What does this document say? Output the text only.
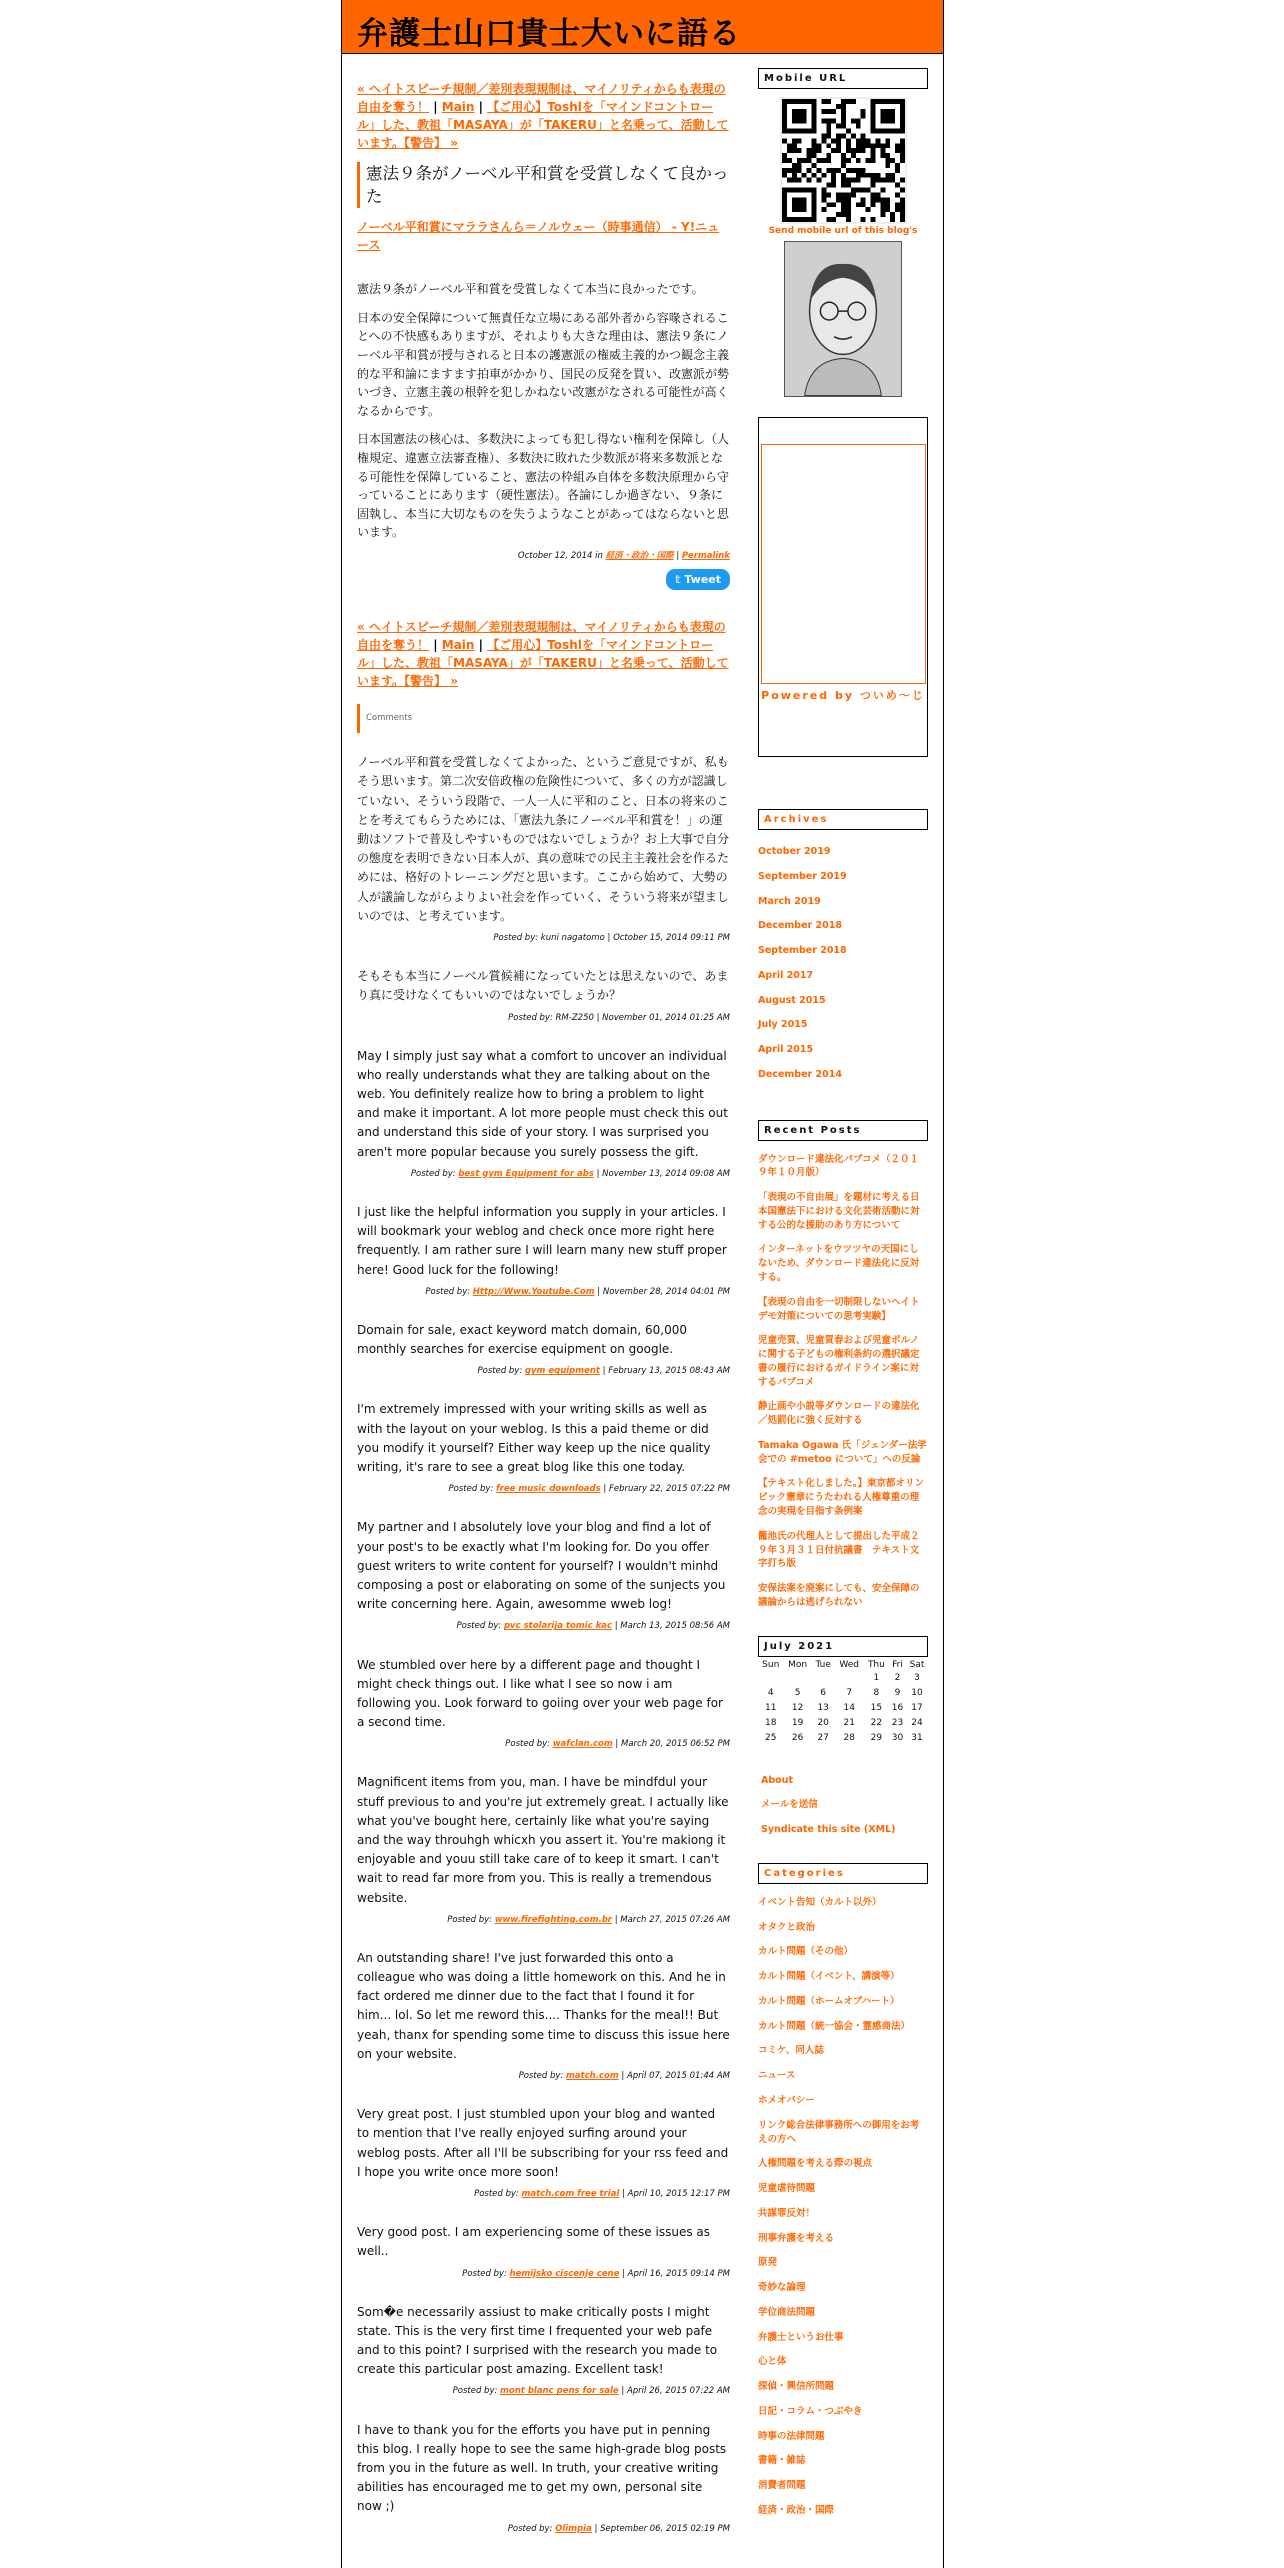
弁護士山口貴士大いに語る
« ヘイトスピーチ規制／差別表現規制は、マイノリティからも表現の自由を奪う！ | Main | 【ご用心】Toshlを「マインドコントロール」した、教祖「MASAYA」が「TAKERU」と名乗って、活動しています。【警告】 »
憲法９条がノーベル平和賞を受賞しなくて良かった
ノーベル平和賞にマララさんら＝ノルウェー（時事通信） - Y!ニュース

憲法９条がノーベル平和賞を受賞しなくて本当に良かったです。

日本の安全保障について無責任な立場にある部外者から容喙されることへの不快感もありますが、それよりも大きな理由は、憲法９条にノーベル平和賞が授与されると日本の護憲派の権威主義的かつ観念主義的な平和論にますます拍車がかかり、国民の反発を買い、改憲派が勢いづき、立憲主義の根幹を犯しかねない改憲がなされる可能性が高くなるからです。

日本国憲法の核心は、多数決によっても犯し得ない権利を保障し（人権規定、違憲立法審査権）、多数決に敗れた少数派が将来多数派となる可能性を保障していること、憲法の枠組み自体を多数決原理から守っていることにあります（硬性憲法）。各論にしか過ぎない、９条に固執し、本当に大切なものを失うようなことがあってはならないと思います。

October 12, 2014 in 経済・政治・国際 | Permalink

𝕥 Tweet
« ヘイトスピーチ規制／差別表現規制は、マイノリティからも表現の自由を奪う！ | Main | 【ご用心】Toshlを「マインドコントロール」した、教祖「MASAYA」が「TAKERU」と名乗って、活動しています。【警告】 »
Comments

ノーベル平和賞を受賞しなくてよかった、というご意見ですが、私もそう思います。第二次安倍政権の危険性について、多くの方が認識していない、そういう段階で、一人一人に平和のこと、日本の将来のことを考えてもらうためには、「憲法九条にノーベル平和賞を！」の運動はソフトで普及しやすいものではないでしょうか？お上大事で自分の態度を表明できない日本人が、真の意味での民主主義社会を作るためには、格好のトレーニングだと思います。ここから始めて、大勢の人が議論しながらよりよい社会を作っていく、そういう将来が望ましいのでは、と考えています。

Posted by: kuni nagatomo | October 15, 2014 09:11 PM

そもそも本当にノーベル賞候補になっていたとは思えないので、あまり真に受けなくてもいいのではないでしょうか？

Posted by: RM-Z250 | November 01, 2014 01:25 AM

May I simply just say what a comfort to uncover an individual who really understands what they are talking about on the web. You definitely realize how to bring a problem to light and make it important. A lot more people must check this out and understand this side of your story. I was surprised you aren't more popular because you surely possess the gift.

Posted by: best gym Equipment for abs | November 13, 2014 09:08 AM

I just like the helpful information you supply in your articles. I will bookmark your weblog and check once more right here frequently. I am rather sure I will learn many new stuff proper here! Good luck for the following!

Posted by: Http://Www.Youtube.Com | November 28, 2014 04:01 PM

Domain for sale, exact keyword match domain, 60,000 monthly searches for exercise equipment on google.

Posted by: gym equipment | February 13, 2015 08:43 AM

I'm extremely impressed with your writing skills as well as with the layout on your weblog. Is this a paid theme or did you modify it yourself? Either way keep up the nice quality writing, it's rare to see a great blog like this one today.

Posted by: free music downloads | February 22, 2015 07:22 PM

My partner and I absolutely love your blog and find a lot of your post's to be exactly what I'm looking for. Do you offer guest writers to write content for yourself? I wouldn't minhd composing a post or elaborating on some of the sunjects you write concerning here. Again, awesomme wweb log!

Posted by: pvc stolarija tomic kac | March 13, 2015 08:56 AM

We stumbled over here by a different page and thought I might check things out. I like what I see so now i am following you. Look forward to goiing over your web page for a second time.

Posted by: wafclan.com | March 20, 2015 06:52 PM

Magnificent items from you, man. I have be mindfdul your stuff previous to and you're jut extremely great. I actually like what you've bought here, certainly like what you're saying and the way throuhgh whicxh you assert it. You're makiong it enjoyable and youu still take care of to keep it smart. I can't wait to read far more from you. This is really a tremendous website.

Posted by: www.firefighting.com.br | March 27, 2015 07:26 AM

An outstanding share! I've just forwarded this onto a colleague who was doing a little homework on this. And he in fact ordered me dinner due to the fact that I found it for him... lol. So let me reword this.... Thanks for the meal!! But yeah, thanx for spending some time to discuss this issue here on your website.

Posted by: match.com | April 07, 2015 01:44 AM

Very great post. I just stumbled upon your blog and wanted to mention that I've really enjoyed surfing around your weblog posts. After all I'll be subscribing for your rss feed and I hope you write once more soon!

Posted by: match.com free trial | April 10, 2015 12:17 PM

Very good post. I am experiencing some of these issues as well..

Posted by: hemijsko ciscenje cene | April 16, 2015 09:14 PM

Som�e necessarily assiust to make critically posts I might state. This is the very first time I frequented your web pafe and to this point? I surprised with the research you made to create this particular post amazing. Excellent task!

Posted by: mont blanc pens for sale | April 26, 2015 07:22 AM

I have to thank you for the efforts you have put in penning this blog. I really hope to see the same high-grade blog posts from you in the future as well. In truth, your creative writing abilities has encouraged me to get my own, personal site now ;)

Posted by: Olimpia | September 06, 2015 02:19 PM
Mobile URL
Send mobile url of this blog's
Powered by ついめ～じ
Archives
October 2019
September 2019
March 2019
December 2018
September 2018
April 2017
August 2015
July 2015
April 2015
December 2014
Recent Posts
ダウンロード違法化パブコメ（２０１９年１０月版）
「表現の不自由展」を題材に考える日本国憲法下における文化芸術活動に対する公的な援助のあり方について
インターネットをウツツヤの天国にしないため、ダウンロード違法化に反対する。
【表現の自由を一切制限しないヘイトデモ対策についての思考実験】
児童売買、児童買春および児童ポルノに関する子どもの権利条約の選択議定書の履行におけるガイドライン案に対するパブコメ
静止画や小説等ダウンロードの違法化／処罰化に強く反対する
Tamaka Ogawa 氏「ジェンダー法学会での #metoo について」への反論
【テキスト化しました。】東京都オリンピック憲章にうたわれる人権尊重の理念の実現を目指す条例案
籠池氏の代理人として提出した平成２９年３月３１日付抗議書　テキスト文字打ち版
安保法案を廃案にしても、安全保障の議論からは逃げられない
July 2021
Sun	Mon	Tue	Wed	Thu	Fri	Sat
				1	2	3
4	5	6	7	8	9	10
11	12	13	14	15	16	17
18	19	20	21	22	23	24
25	26	27	28	29	30	31
About
メールを送信
Syndicate this site (XML)
Categories
イベント告知（カルト以外）
オタクと政治
カルト問題（その他）
カルト問題（イベント、講演等）
カルト問題（ホームオブハート）
カルト問題（統一協会・霊感商法）
コミケ、同人誌
ニュース
ホメオパシー
リンク総合法律事務所への御用をお考えの方へ
人権問題を考える際の視点
児童虐待問題
共謀罪反対！
刑事弁護を考える
原発
奇妙な論理
学位商法問題
弁護士というお仕事
心と体
探偵・興信所問題
日記・コラム・つぶやき
時事の法律問題
書籍・雑誌
消費者問題
経済・政治・国際
